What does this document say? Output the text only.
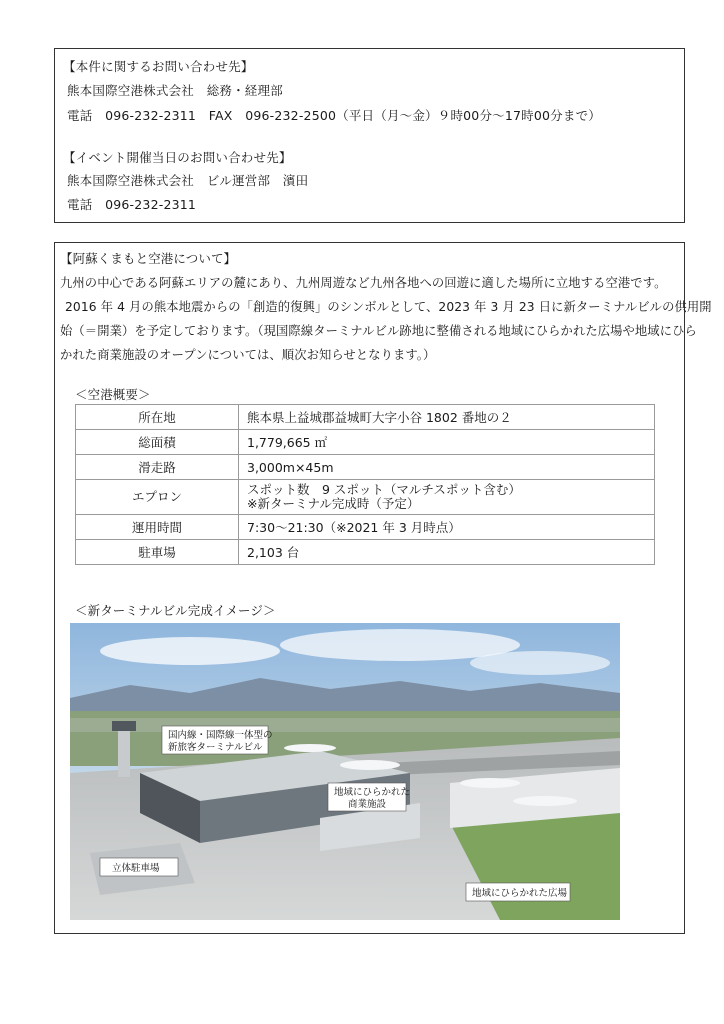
【本件に関するお問い合わせ先】
熊本国際空港株式会社　総務・経理部
電話　096-232-2311　FAX　096-232-2500（平日（月～金）９時00分～17時00分まで）
【イベント開催当日のお問い合わせ先】
熊本国際空港株式会社　ビル運営部　濱田
電話　096-232-2311
【阿蘇くまもと空港について】
九州の中心である阿蘇エリアの麓にあり、九州周遊など九州各地への回遊に適した場所に立地する空港です。
2016 年 4 月の熊本地震からの「創造的復興」のシンボルとして、2023 年 3 月 23 日に新ターミナルビルの供用開
始（＝開業）を予定しております。（現国際線ターミナルビル跡地に整備される地域にひらかれた広場や地域にひら
かれた商業施設のオープンについては、順次お知らせとなります。）
＜空港概要＞
所在地	熊本県上益城郡益城町大字小谷 1802 番地の２
総面積	1,779,665 ㎡
滑走路	3,000m×45m
エプロン	スポット数　9 スポット（マルチスポット含む）
※新ターミナル完成時（予定）

運用時間	7:30～21:30（※2021 年 3 月時点）
駐車場	2,103 台
＜新ターミナルビル完成イメージ＞
国内線・国際線一体型の
新旅客ターミナルビル
地域にひらかれた
商業施設
立体駐車場
地域にひらかれた広場
